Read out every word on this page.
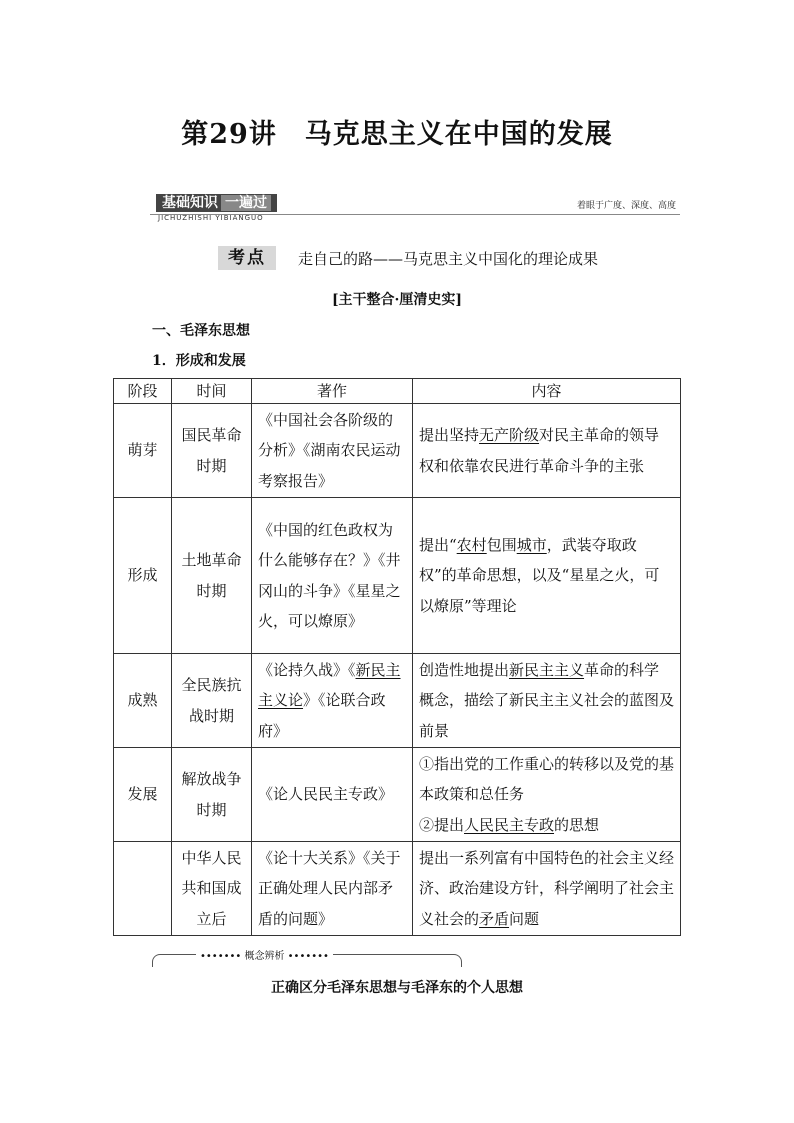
第29讲　马克思主义在中国的发展
基础知识 一遍过
JICHUZHISHI YIBIANGUO
着眼于广度、深度、高度
考点	走自己的路——马克思主义中国化的理论成果
[主干整合·厘清史实]
一、毛泽东思想
1．形成和发展
阶段	时间	著作	内容
萌芽	国民革命时期	《中国社会各阶级的分析》《湖南农民运动考察报告》	提出坚持无产阶级对民主革命的领导权和依靠农民进行革命斗争的主张
形成	土地革命时期	《中国的红色政权为什么能够存在？》《井冈山的斗争》《星星之火，可以燎原》	提出“农村包围城市，武装夺取政权”的革命思想，以及“星星之火，可以燎原”等理论
成熟	全民族抗战时期	《论持久战》《新民主主义论》《论联合政府》	创造性地提出新民主主义革命的科学概念，描绘了新民主主义社会的蓝图及前景
发展	解放战争时期	《论人民民主专政》	①指出党的工作重心的转移以及党的基本政策和总任务
②提出人民民主专政的思想

	中华人民共和国成立后	《论十大关系》《关于正确处理人民内部矛盾的问题》	提出一系列富有中国特色的社会主义经济、政治建设方针，科学阐明了社会主义社会的矛盾问题
••••••• 概念辨析 •••••••
正确区分毛泽东思想与毛泽东的个人思想
